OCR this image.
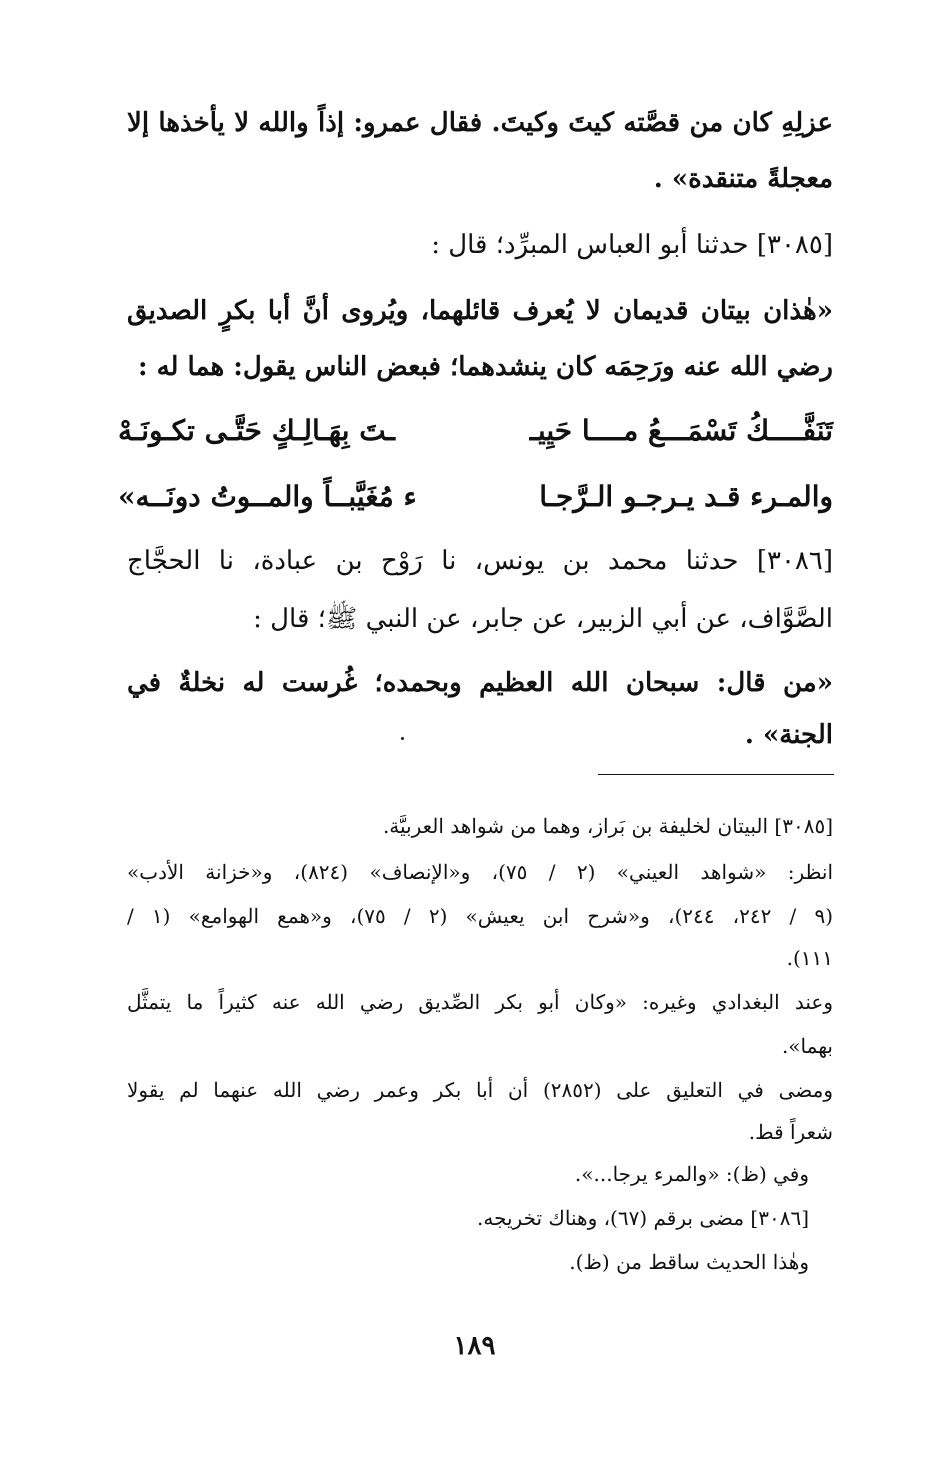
عزلِهِ كان من قصَّته كيتَ وكيتَ. فقال عمرو: إذاً والله لا يأخذها إلا
معجلةً متنقدة» .
[٣٠٨٥] حدثنا أبو العباس المبرِّد؛ قال :
«هٰذان بيتان قديمان لا يُعرف قائلهما، ويُروى أنَّ أبا بكرٍ الصديق
رضي الله عنه ورَحِمَه كان ينشدهما؛ فبعض الناس يقول: هما له :
تَنَفَّــــكُ تَسْمَـــعُ مــــا حَيِيـ
ـتَ بِهَـالِـكٍ حَتَّـى تكـونَـهْ
والمـرء قـد يـرجـو الـرَّجـا
ء مُغَيَّبــاً والمــوتُ دونَــه»
[٣٠٨٦] حدثنا محمد بن يونس، نا رَوْح بن عبادة، نا الحجَّاج
الصَّوَّاف، عن أبي الزبير، عن جابر، عن النبي ﷺ؛ قال :
«من قال: سبحان الله العظيم وبحمده؛ غُرست له نخلةٌ في
الجنة» .
[٣٠٨٥] البيتان لخليفة بن بَراز، وهما من شواهد العربيَّة.
انظر: «شواهد العيني» (٢ / ٧٥)، و«الإنصاف» (٨٢٤)، و«خزانة الأدب»
(٩ / ٢٤٢، ٢٤٤)، و«شرح ابن يعيش» (٢ / ٧٥)، و«همع الهوامع» (١ /
١١١).
وعند البغدادي وغيره: «وكان أبو بكر الصِّديق رضي الله عنه كثيراً ما يتمثَّل
بهما».
ومضى في التعليق على (٢٨٥٢) أن أبا بكر وعمر رضي الله عنهما لم يقولا
شعراً قط.
وفي (ظ): «والمرء يرجا...».
[٣٠٨٦] مضى برقم (٦٧)، وهناك تخريجه.
وهٰذا الحديث ساقط من (ظ).
١٨٩
